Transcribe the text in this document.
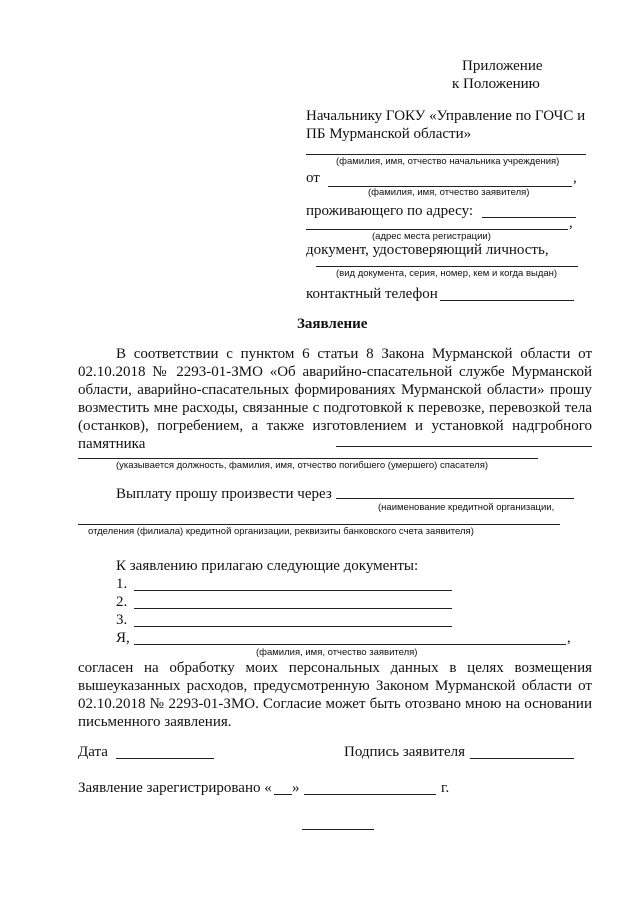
Приложение
к Положению
Начальнику ГОКУ «Управление по ГОЧС и
ПБ Мурманской области»
(фамилия, имя, отчество начальника учреждения)
от	,
(фамилия, имя, отчество заявителя)
проживающего по адресу:
,
(адрес места регистрации)
документ, удостоверяющий личность,
(вид документа, серия, номер, кем и когда выдан)
контактный телефон
Заявление
В соответствии с пунктом 6 статьи 8 Закона Мурманской области от
02.10.2018 № 2293-01-ЗМО «Об аварийно-спасательной службе Мурманской
области, аварийно-спасательных формированиях Мурманской области» прошу
возместить мне расходы, связанные с подготовкой к перевозке, перевозкой тела
(останков), погребением, а также изготовлением и установкой надгробного
памятника
(указывается должность, фамилия, имя, отчество погибшего (умершего) спасателя)
Выплату прошу произвести через
(наименование кредитной организации,
отделения (филиала) кредитной организации, реквизиты банковского счета заявителя)
К заявлению прилагаю следующие документы:
1.
2.
3.
Я,	,
(фамилия, имя, отчество заявителя)
согласен на обработку моих персональных данных в целях возмещения
вышеуказанных расходов, предусмотренную Законом Мурманской области от
02.10.2018 № 2293-01-ЗМО. Согласие может быть отозвано мною на основании
письменного заявления.
Дата	Подпись заявителя
Заявление зарегистрировано « »	г.
